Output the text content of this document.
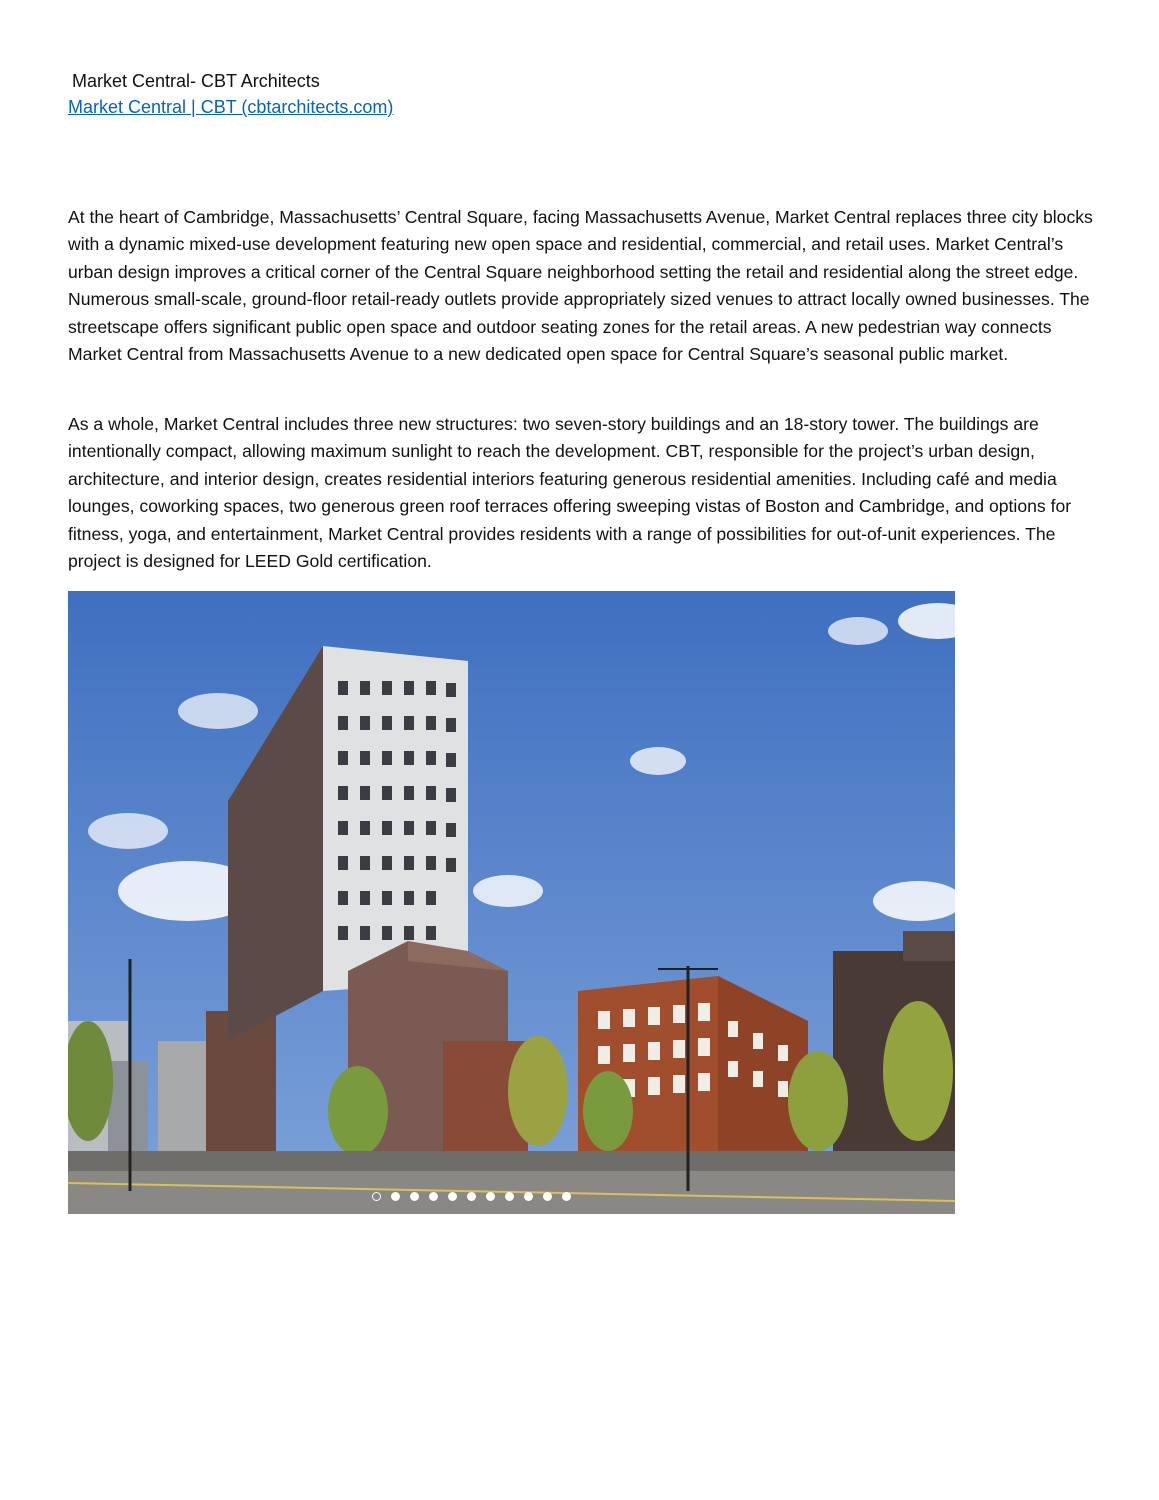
Market Central- CBT Architects
Market Central | CBT (cbtarchitects.com)

At the heart of Cambridge, Massachusetts’ Central Square, facing Massachusetts Avenue, Market Central replaces three city blocks with a dynamic mixed-use development featuring new open space and residential, commercial, and retail uses. Market Central’s urban design improves a critical corner of the Central Square neighborhood setting the retail and residential along the street edge. Numerous small-scale, ground-floor retail-ready outlets provide appropriately sized venues to attract locally owned businesses. The streetscape offers significant public open space and outdoor seating zones for the retail areas. A new pedestrian way connects Market Central from Massachusetts Avenue to a new dedicated open space for Central Square’s seasonal public market.

As a whole, Market Central includes three new structures: two seven-story buildings and an 18-story tower. The buildings are intentionally compact, allowing maximum sunlight to reach the development. CBT, responsible for the project’s urban design, architecture, and interior design, creates residential interiors featuring generous residential amenities. Including café and media lounges, coworking spaces, two generous green roof terraces offering sweeping vistas of Boston and Cambridge, and options for fitness, yoga, and entertainment, Market Central provides residents with a range of possibilities for out-of-unit experiences. The project is designed for LEED Gold certification.
